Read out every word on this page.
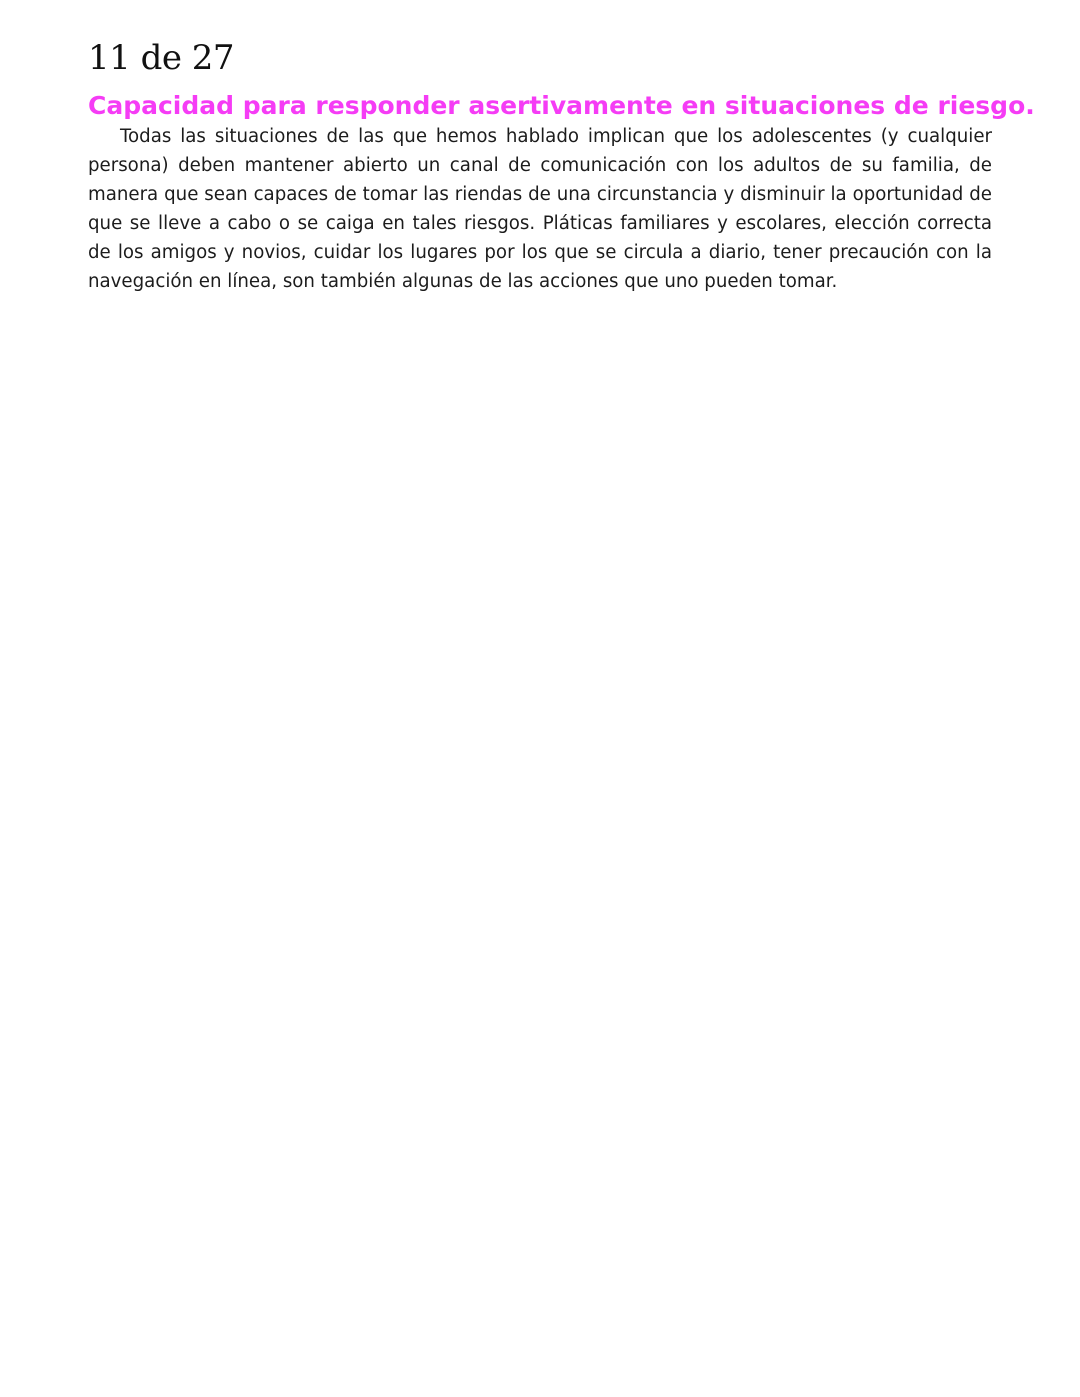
11 de 27
Capacidad para responder asertivamente en situaciones de riesgo.

Todas las situaciones de las que hemos hablado implican que los adolescentes (y cualquier persona) deben mantener abierto un canal de comunicación con los adultos de su familia, de manera que sean capaces de tomar las riendas de una circunstancia y disminuir la oportunidad de que se lleve a cabo o se caiga en tales riesgos. Pláticas familiares y escolares, elección correcta de los amigos y novios, cuidar los lugares por los que se circula a diario, tener precaución con la navegación en línea, son también algunas de las acciones que uno pueden tomar.
